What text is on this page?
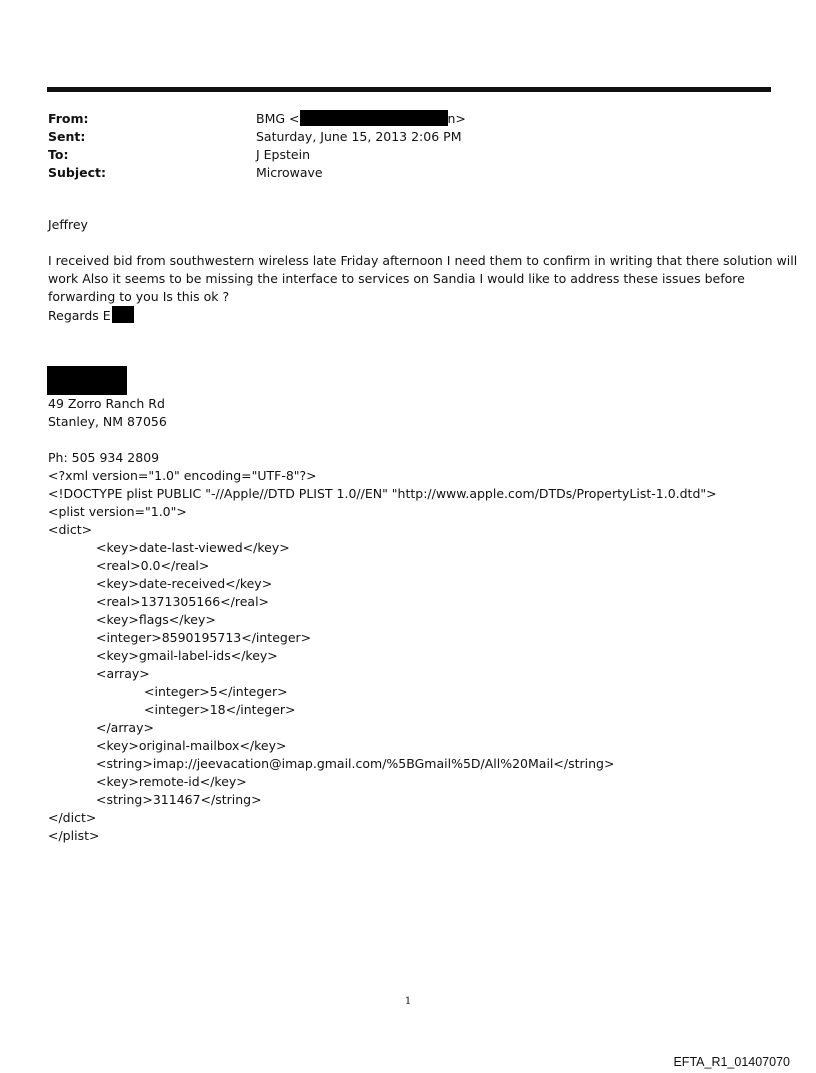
From:	BMG <	n>
Sent:	Saturday, June 15, 2013 2:06 PM
To:	J Epstein
Subject:	Microwave
Jeffrey
I received bid from southwestern wireless late Friday afternoon I need them to confirm in writing that there solution will
work Also it seems to be missing the interface to services on Sandia I would like to address these issues before
forwarding to you Is this ok ?
Regards E
49 Zorro Ranch Rd
Stanley, NM 87056
Ph: 505 934 2809
<?xml version="1.0" encoding="UTF-8"?>
<!DOCTYPE plist PUBLIC "-//Apple//DTD PLIST 1.0//EN" "http://www.apple.com/DTDs/PropertyList-1.0.dtd">
<plist version="1.0">
<dict>
<key>date-last-viewed</key>
<real>0.0</real>
<key>date-received</key>
<real>1371305166</real>
<key>flags</key>
<integer>8590195713</integer>
<key>gmail-label-ids</key>
<array>
<integer>5</integer>
<integer>18</integer>
</array>
<key>original-mailbox</key>
<string>imap://jeevacation@imap.gmail.com/%5BGmail%5D/All%20Mail</string>
<key>remote-id</key>
<string>311467</string>
</dict>
</plist>
1
EFTA_R1_01407070
